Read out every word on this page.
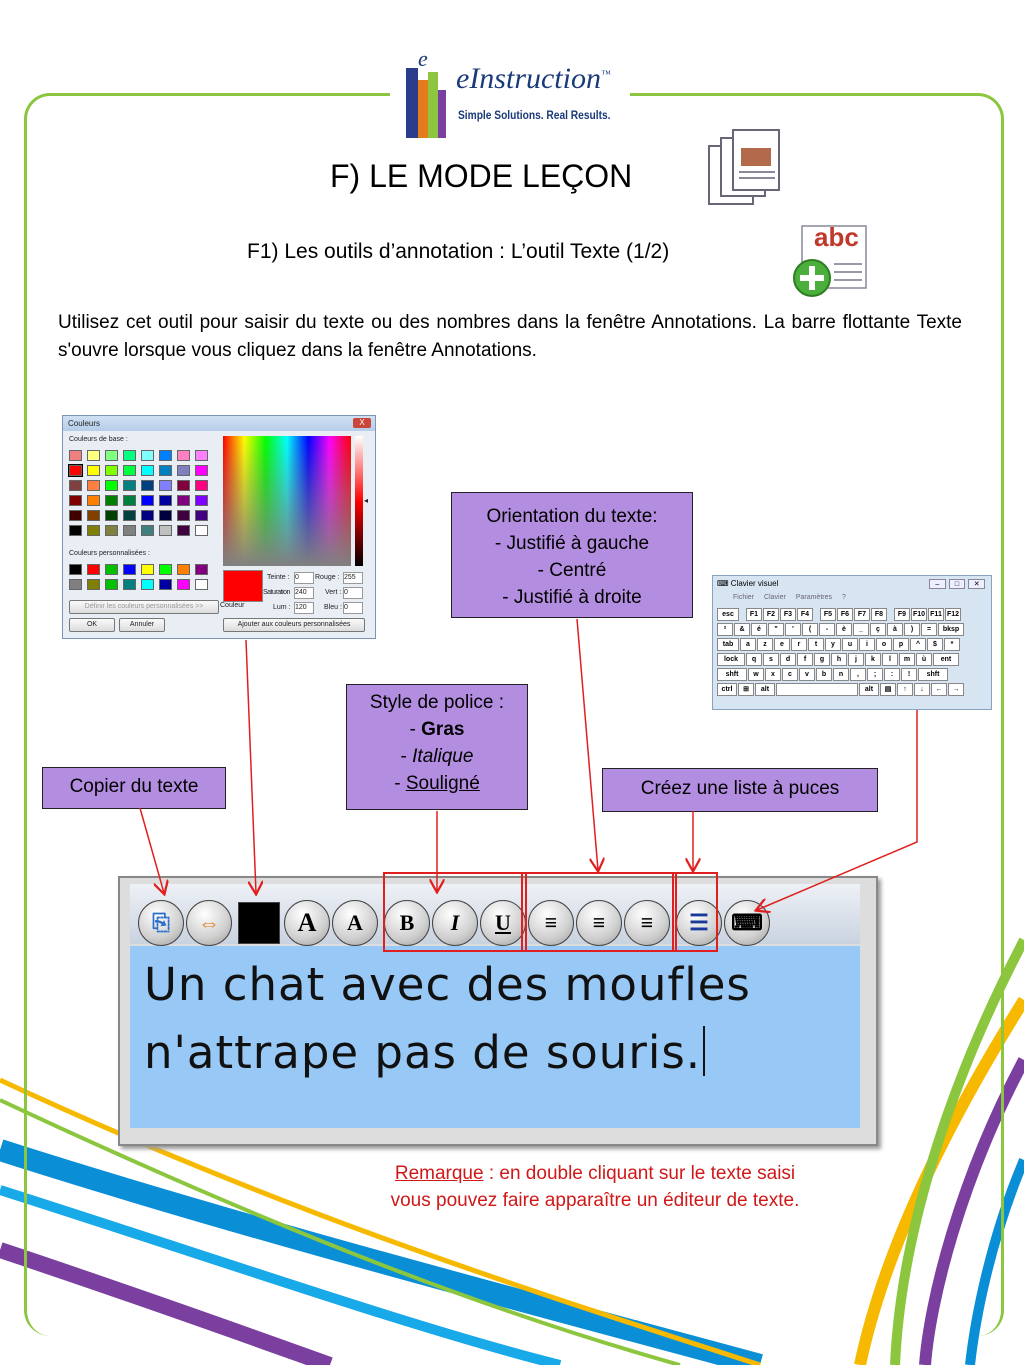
e
eInstruction™
Simple Solutions. Real Results.
F) LE MODE LEÇON
F1) Les outils d’annotation : L’outil Texte (1/2)	abc
Utilisez cet outil pour saisir du texte ou des nombres dans la fenêtre Annotations. La barre flottante Texte s'ouvre lorsque vous cliquez dans la fenêtre Annotations.
Couleurs	X
Couleurs de base :
Couleurs personnalisées :
Définir les couleurs personnalisées >>
OK	Annuler
◂
Couleur
Teinte : 0
Saturation 240
Lum : 120
Rouge : 255
Vert : 0
Bleu : 0
Ajouter aux couleurs personnalisées
Orientation du texte:
- Justifié à gauche
- Centré
- Justifié à droite
Style de police :
- Gras
- Italique
- Souligné
Copier du texte	Créez une liste à puces
⌨ Clavier visuel	–	□	✕
Fichier Clavier Paramètres ?
esc	F1	F2	F3	F4	F5	F6	F7	F8	F9 F10 F11 F12
²	&	é	"	'	(	-	è	_	ç	à	)	=	bksp
tab	a	z	e	r	t	y	u	i	o	p	^	$	*
lock	q	s	d	f	g	h	j	k	l	m	ù	ent
shft	w	x	c	v	b	n	,	;	:	!	shft
ctrl	⊞	alt	alt	▤	↑	↓	←	→
⎘	⇔	A	A	B	I	U	≡	≡	≡	☰	⌨
Un chat avec des moufles
n'attrape pas de souris.
Remarque : en double cliquant sur le texte saisi vous pouvez faire apparaître un éditeur de texte.
